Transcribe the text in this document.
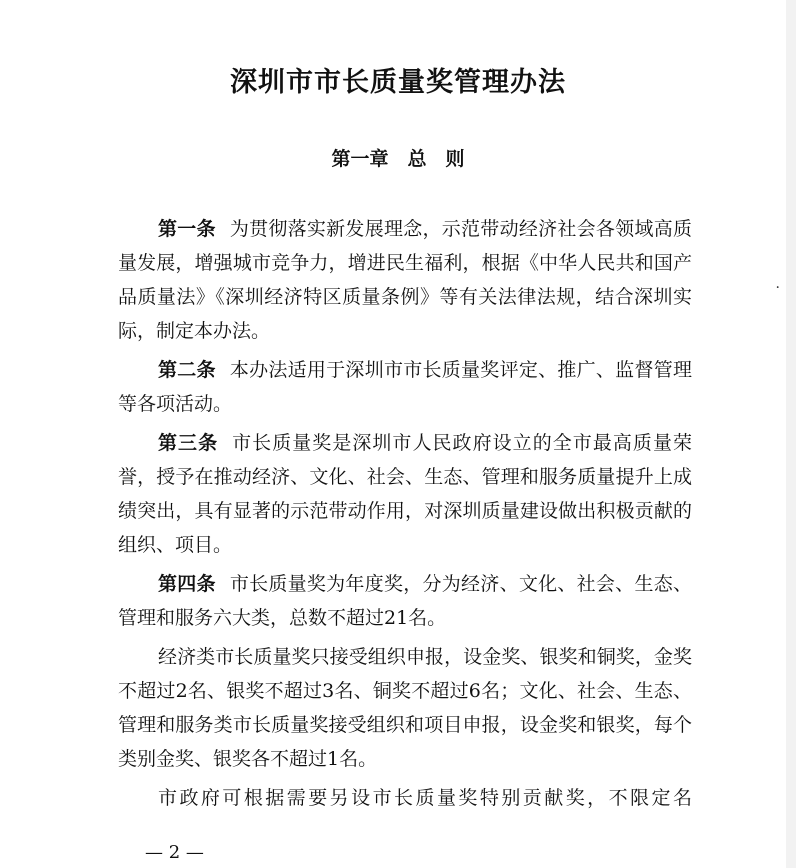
·
深圳市市长质量奖管理办法
第一章　总　则

第一条 为贯彻落实新发展理念，示范带动经济社会各领域高质量发展，增强城市竞争力，增进民生福利，根据《中华人民共和国产品质量法》《深圳经济特区质量条例》等有关法律法规，结合深圳实际，制定本办法。

第二条 本办法适用于深圳市市长质量奖评定、推广、监督管理等各项活动。

第三条 市长质量奖是深圳市人民政府设立的全市最高质量荣誉，授予在推动经济、文化、社会、生态、管理和服务质量提升上成绩突出，具有显著的示范带动作用，对深圳质量建设做出积极贡献的组织、项目。

第四条 市长质量奖为年度奖，分为经济、文化、社会、生态、管理和服务六大类，总数不超过21名。

经济类市长质量奖只接受组织申报，设金奖、银奖和铜奖，金奖不超过2名、银奖不超过3名、铜奖不超过6名；文化、社会、生态、管理和服务类市长质量奖接受组织和项目申报，设金奖和银奖，每个类别金奖、银奖各不超过1名。

市政府可根据需要另设市长质量奖特别贡献奖，不限定名

— 2 —
